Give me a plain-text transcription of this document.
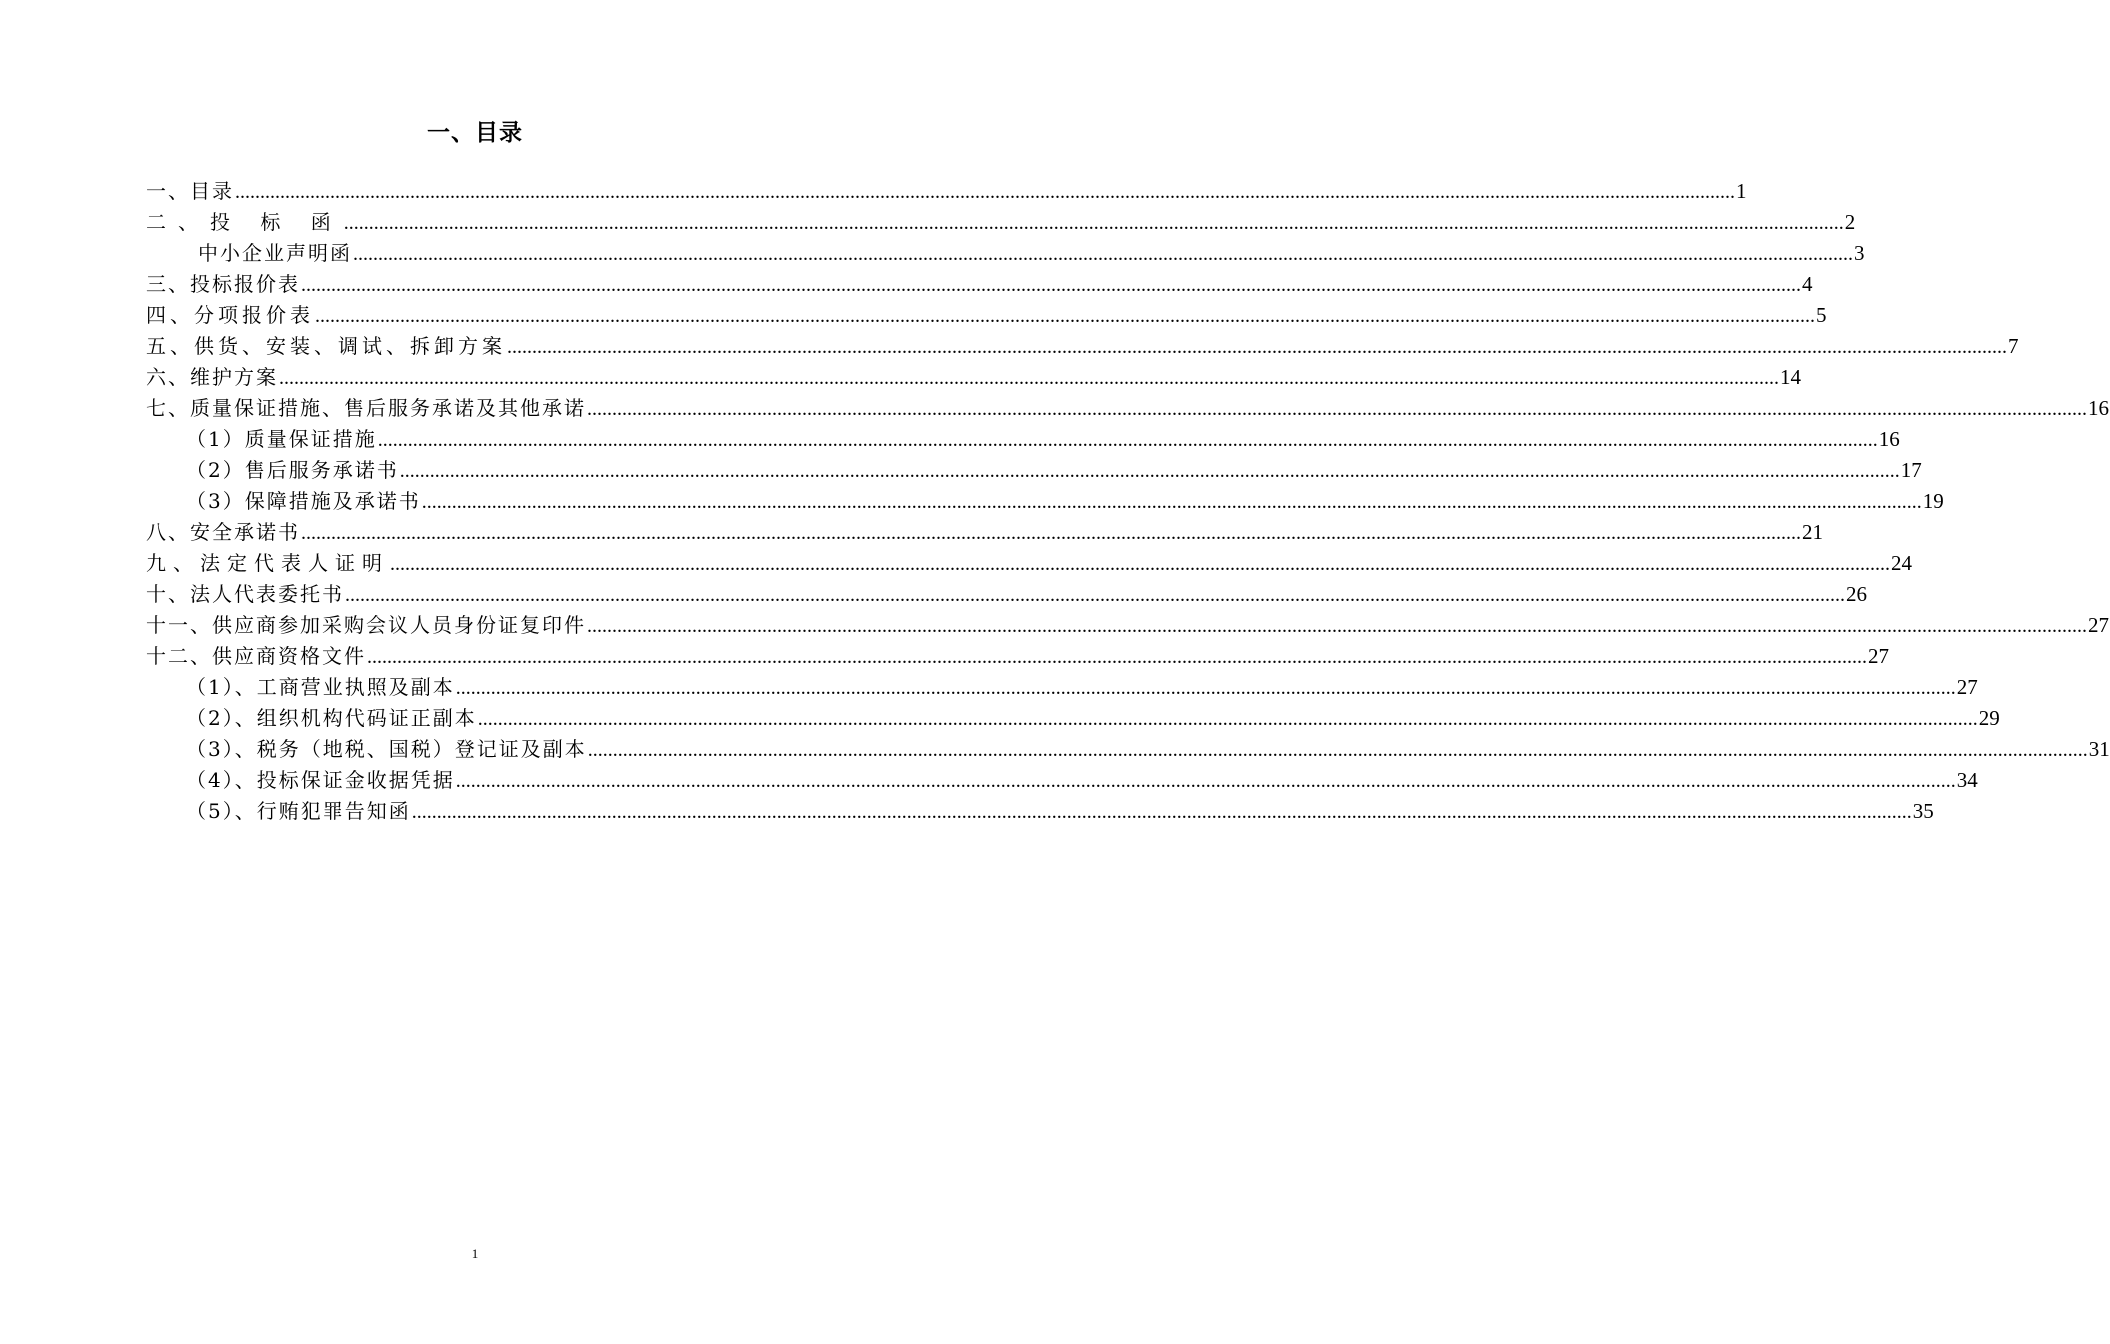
一、目录
一、目录 ............................................................................................................................................................................................................................................................................................................ 1
二、投 标 函 ............................................................................................................................................................................................................................................................................................................ 2
中小企业声明函 ............................................................................................................................................................................................................................................................................................................ 3
三、投标报价表 ............................................................................................................................................................................................................................................................................................................ 4
四、分项报价表 ............................................................................................................................................................................................................................................................................................................ 5
五、供货、安装、调试、拆卸方案 ............................................................................................................................................................................................................................................................................................................ 7
六、维护方案 ............................................................................................................................................................................................................................................................................................................ 14
七、质量保证措施、售后服务承诺及其他承诺 ............................................................................................................................................................................................................................................................................................................ 16
（1）质量保证措施 ............................................................................................................................................................................................................................................................................................................ 16
（2）售后服务承诺书 ............................................................................................................................................................................................................................................................................................................ 17
（3）保障措施及承诺书 ............................................................................................................................................................................................................................................................................................................ 19
八、安全承诺书 ............................................................................................................................................................................................................................................................................................................ 21
九、法定代表人证明 ............................................................................................................................................................................................................................................................................................................ 24
十、法人代表委托书 ............................................................................................................................................................................................................................................................................................................ 26
十一、供应商参加采购会议人员身份证复印件 ............................................................................................................................................................................................................................................................................................................ 27
十二、供应商资格文件 ............................................................................................................................................................................................................................................................................................................ 27
（1）、工商营业执照及副本 ............................................................................................................................................................................................................................................................................................................ 27
（2）、组织机构代码证正副本 ............................................................................................................................................................................................................................................................................................................ 29
（3）、税务（地税、国税）登记证及副本 ............................................................................................................................................................................................................................................................................................................ 31
（4）、投标保证金收据凭据 ............................................................................................................................................................................................................................................................................................................ 34
（5）、行贿犯罪告知函 ............................................................................................................................................................................................................................................................................................................ 35
1
